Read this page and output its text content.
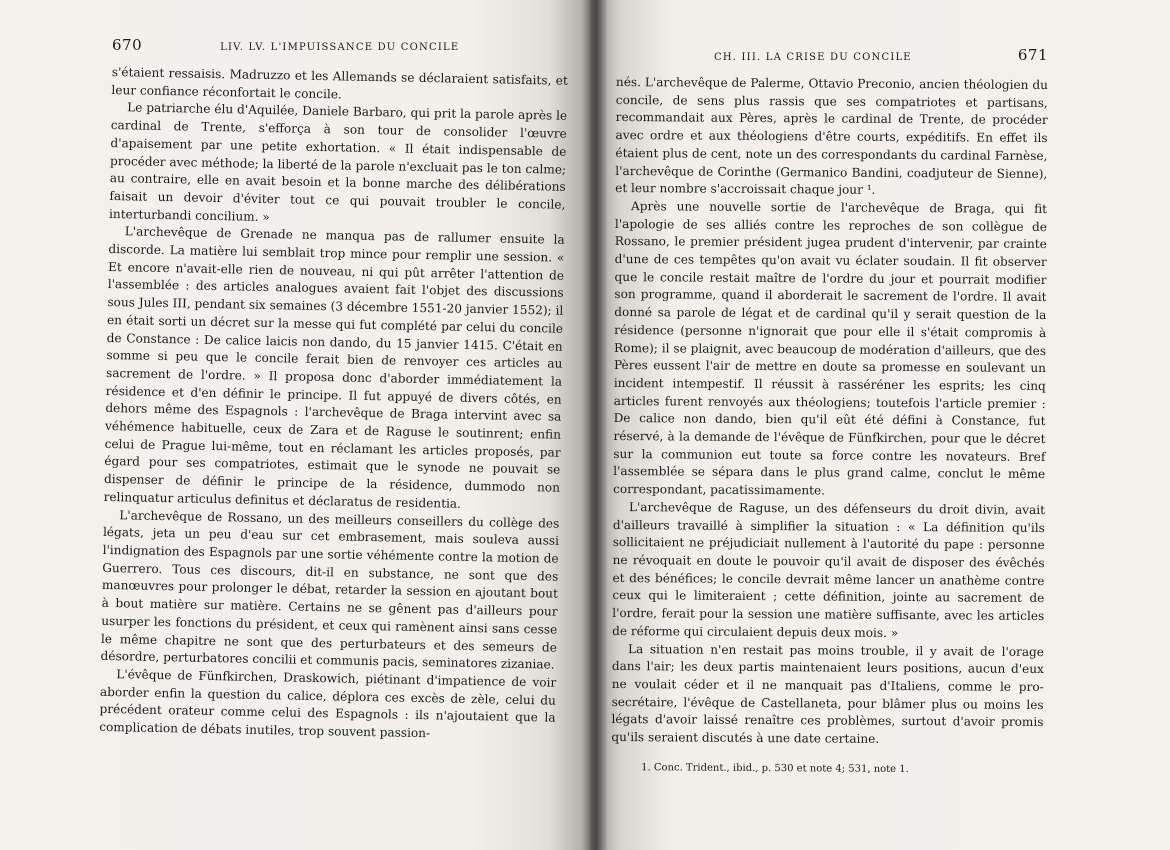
670	LIV. LV. L'IMPUISSANCE DU CONCILE

s'étaient ressaisis. Madruzzo et les Allemands se déclaraient satisfaits, et leur confiance réconfortait le concile.

Le patriarche élu d'Aquilée, Daniele Barbaro, qui prit la parole après le cardinal de Trente, s'efforça à son tour de consolider l'œuvre d'apaisement par une petite exhortation. « Il était indispensable de procéder avec méthode; la liberté de la parole n'excluait pas le ton calme; au contraire, elle en avait besoin et la bonne marche des délibérations faisait un devoir d'éviter tout ce qui pouvait troubler le concile, interturbandi concilium. »

L'archevêque de Grenade ne manqua pas de rallumer ensuite la discorde. La matière lui semblait trop mince pour remplir une session. « Et encore n'avait-elle rien de nouveau, ni qui pût arrêter l'attention de l'assemblée : des articles analogues avaient fait l'objet des discussions sous Jules III, pendant six semaines (3 décembre 1551-20 janvier 1552); il en était sorti un décret sur la messe qui fut complété par celui du concile de Constance : De calice laicis non dando, du 15 janvier 1415. C'était en somme si peu que le concile ferait bien de renvoyer ces articles au sacrement de l'ordre. » Il proposa donc d'aborder immédiatement la résidence et d'en définir le principe. Il fut appuyé de divers côtés, en dehors même des Espagnols : l'archevêque de Braga intervint avec sa véhémence habituelle, ceux de Zara et de Raguse le soutinrent; enfin celui de Prague lui-même, tout en réclamant les articles proposés, par égard pour ses compatriotes, estimait que le synode ne pouvait se dispenser de définir le principe de la résidence, dummodo non relinquatur articulus definitus et déclaratus de residentia.

L'archevêque de Rossano, un des meilleurs conseillers du collège des légats, jeta un peu d'eau sur cet embrasement, mais souleva aussi l'indignation des Espagnols par une sortie véhémente contre la motion de Guerrero. Tous ces discours, dit-il en substance, ne sont que des manœuvres pour prolonger le débat, retarder la session en ajoutant bout à bout matière sur matière. Certains ne se gênent pas d'ailleurs pour usurper les fonctions du président, et ceux qui ramènent ainsi sans cesse le même chapitre ne sont que des perturbateurs et des semeurs de désordre, perturbatores concilii et communis pacis, seminatores zizaniae.

L'évêque de Fünfkirchen, Draskowich, piétinant d'impatience de voir aborder enfin la question du calice, déplora ces excès de zèle, celui du précédent orateur comme celui des Espagnols : ils n'ajoutaient que la complication de débats inutiles, trop souvent passion-

CH. III. LA CRISE DU CONCILE	671

nés. L'archevêque de Palerme, Ottavio Preconio, ancien théologien du concile, de sens plus rassis que ses compatriotes et partisans, recommandait aux Pères, après le cardinal de Trente, de procéder avec ordre et aux théologiens d'être courts, expéditifs. En effet ils étaient plus de cent, note un des correspondants du cardinal Farnèse, l'archevêque de Corinthe (Germanico Bandini, coadjuteur de Sienne), et leur nombre s'accroissait chaque jour ¹.

Après une nouvelle sortie de l'archevêque de Braga, qui fit l'apologie de ses alliés contre les reproches de son collègue de Rossano, le premier président jugea prudent d'intervenir, par crainte d'une de ces tempêtes qu'on avait vu éclater soudain. Il fit observer que le concile restait maître de l'ordre du jour et pourrait modifier son programme, quand il aborderait le sacrement de l'ordre. Il avait donné sa parole de légat et de cardinal qu'il y serait question de la résidence (personne n'ignorait que pour elle il s'était compromis à Rome); il se plaignit, avec beaucoup de modération d'ailleurs, que des Pères eussent l'air de mettre en doute sa promesse en soulevant un incident intempestif. Il réussit à rasséréner les esprits; les cinq articles furent renvoyés aux théologiens; toutefois l'article premier : De calice non dando, bien qu'il eût été défini à Constance, fut réservé, à la demande de l'évêque de Fünfkirchen, pour que le décret sur la communion eut toute sa force contre les novateurs. Bref l'assemblée se sépara dans le plus grand calme, conclut le même correspondant, pacatissimamente.

L'archevêque de Raguse, un des défenseurs du droit divin, avait d'ailleurs travaillé à simplifier la situation : « La définition qu'ils sollicitaient ne préjudiciait nullement à l'autorité du pape : personne ne révoquait en doute le pouvoir qu'il avait de disposer des évêchés et des bénéfices; le concile devrait même lancer un anathème contre ceux qui le limiteraient ; cette définition, jointe au sacrement de l'ordre, ferait pour la session une matière suffisante, avec les articles de réforme qui circulaient depuis deux mois. »

La situation n'en restait pas moins trouble, il y avait de l'orage dans l'air; les deux partis maintenaient leurs positions, aucun d'eux ne voulait céder et il ne manquait pas d'Italiens, comme le pro-secrétaire, l'évêque de Castellaneta, pour blâmer plus ou moins les légats d'avoir laissé renaître ces problèmes, surtout d'avoir promis qu'ils seraient discutés à une date certaine.

1. Conc. Trident., ibid., p. 530 et note 4; 531, note 1.
